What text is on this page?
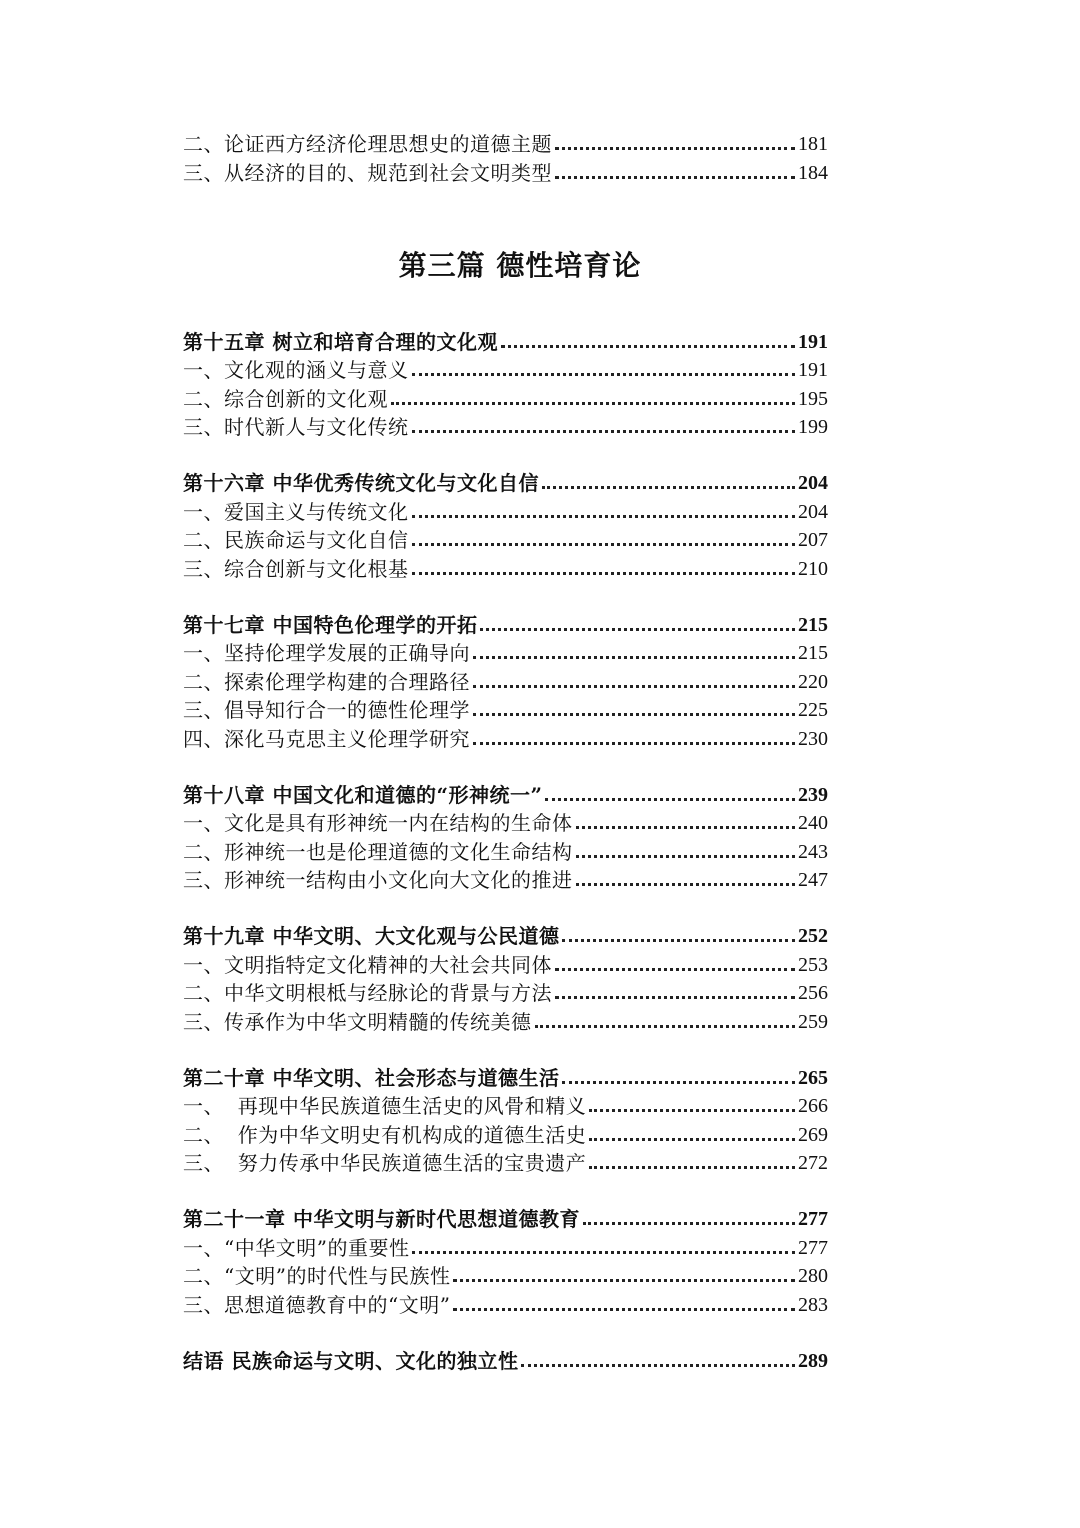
二、论证西方经济伦理思想史的道德主题	181
三、从经济的目的、规范到社会文明类型	184
第三篇 德性培育论
第十五章 树立和培育合理的文化观	191
一、文化观的涵义与意义	191
二、综合创新的文化观	195
三、时代新人与文化传统	199
第十六章 中华优秀传统文化与文化自信	204
一、爱国主义与传统文化	204
二、民族命运与文化自信	207
三、综合创新与文化根基	210
第十七章 中国特色伦理学的开拓	215
一、坚持伦理学发展的正确导向	215
二、探索伦理学构建的合理路径	220
三、倡导知行合一的德性伦理学	225
四、深化马克思主义伦理学研究	230
第十八章 中国文化和道德的“形神统一”	239
一、文化是具有形神统一内在结构的生命体	240
二、形神统一也是伦理道德的文化生命结构	243
三、形神统一结构由小文化向大文化的推进	247
第十九章 中华文明、大文化观与公民道德	252
一、文明指特定文化精神的大社会共同体	253
二、中华文明根柢与经脉论的背景与方法	256
三、传承作为中华文明精髓的传统美德	259
第二十章 中华文明、社会形态与道德生活	265
一、  再现中华民族道德生活史的风骨和精义	266
二、  作为中华文明史有机构成的道德生活史	269
三、  努力传承中华民族道德生活的宝贵遗产	272
第二十一章 中华文明与新时代思想道德教育	277
一、“中华文明”的重要性	277
二、“文明”的时代性与民族性	280
三、思想道德教育中的“文明”	283
结语 民族命运与文明、文化的独立性	289
